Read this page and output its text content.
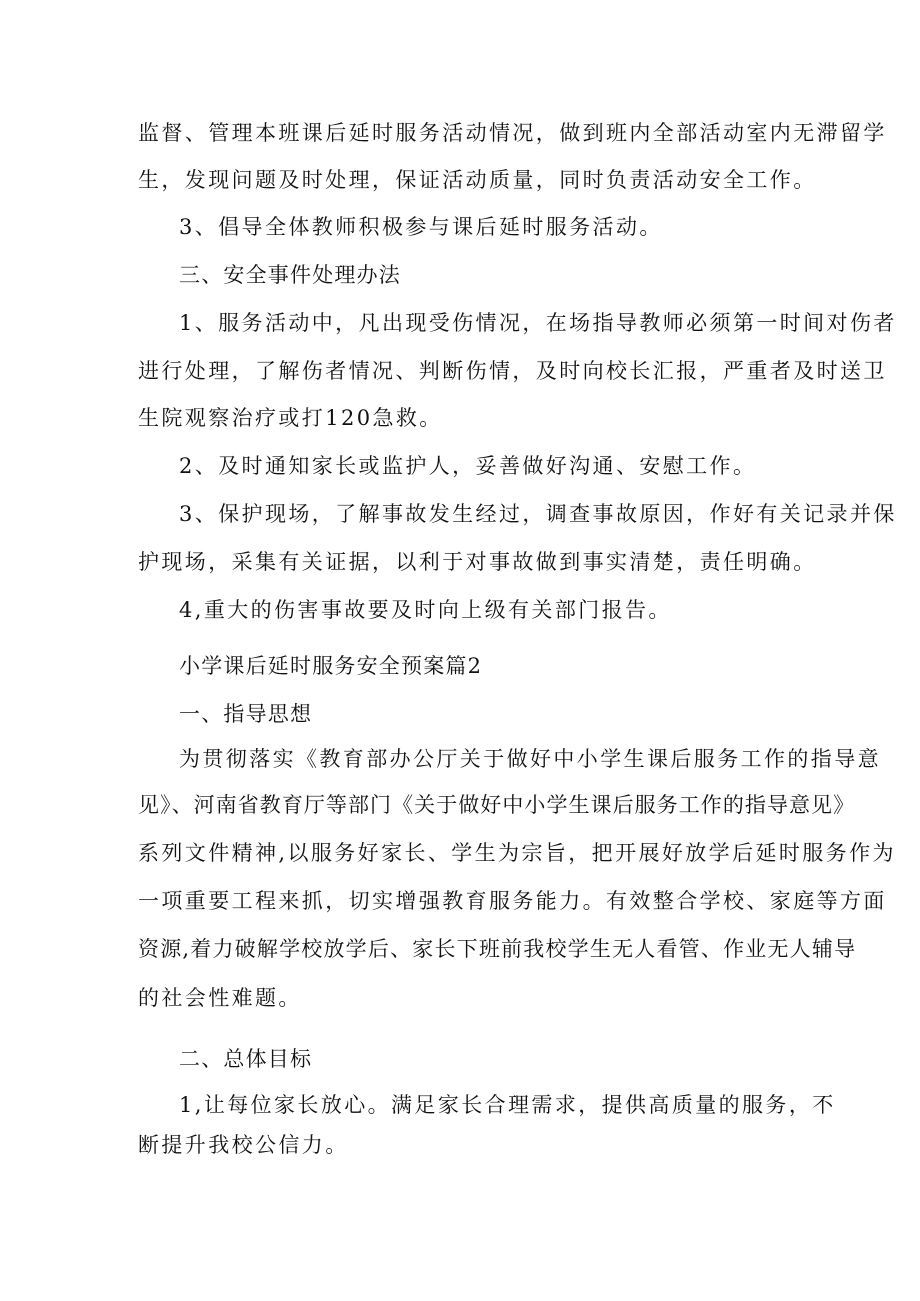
监督、管理本班课后延时服务活动情况，做到班内全部活动室内无滞留学
生，发现问题及时处理，保证活动质量，同时负责活动安全工作。
3、倡导全体教师积极参与课后延时服务活动。
三、安全事件处理办法
1、服务活动中，凡出现受伤情况，在场指导教师必须第一时间对伤者
进行处理，了解伤者情况、判断伤情，及时向校长汇报，严重者及时送卫
生院观察治疗或打120急救。
2、及时通知家长或监护人，妥善做好沟通、安慰工作。
3、保护现场，了解事故发生经过，调查事故原因，作好有关记录并保
护现场，采集有关证据，以利于对事故做到事实清楚，责任明确。
4,重大的伤害事故要及时向上级有关部门报告。
小学课后延时服务安全预案篇2
一、指导思想
为贯彻落实《教育部办公厅关于做好中小学生课后服务工作的指导意
见》、河南省教育厅等部门《关于做好中小学生课后服务工作的指导意见》
系列文件精神,以服务好家长、学生为宗旨，把开展好放学后延时服务作为
一项重要工程来抓，切实增强教育服务能力。有效整合学校、家庭等方面
资源,着力破解学校放学后、家长下班前我校学生无人看管、作业无人辅导
的社会性难题。
二、总体目标
1,让每位家长放心。满足家长合理需求，提供高质量的服务，不
断提升我校公信力。
